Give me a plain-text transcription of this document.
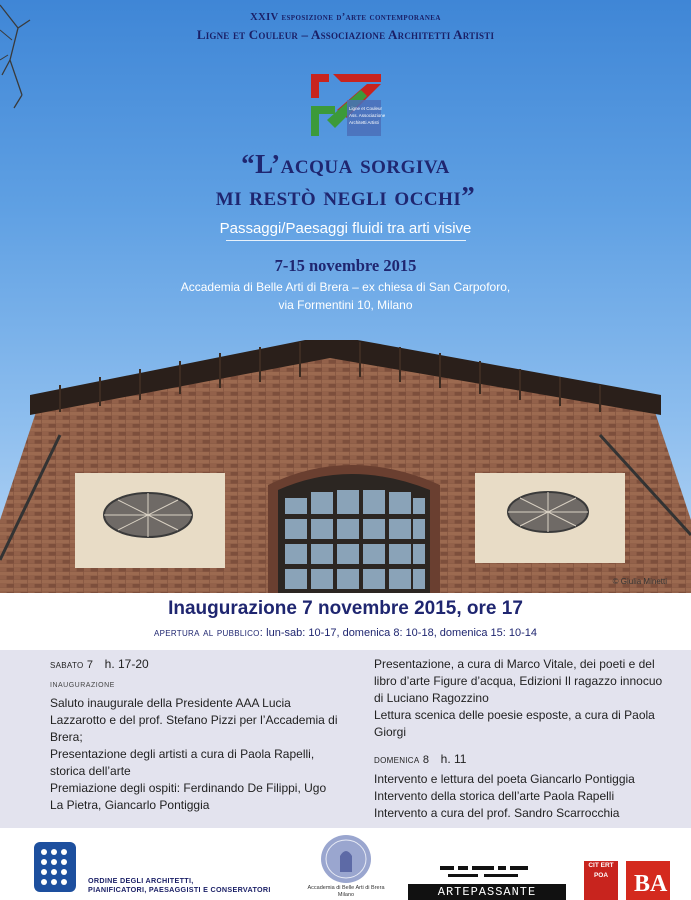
XXIV esposizione d’arte contemporanea
Ligne et Couleur – Associazione Architetti Artisti
Ligne et Couleur
Ass. Associazione
Architetti Artisti
“L’acqua sorgiva
mi restò negli occhi”
Passaggi/Paesaggi fluidi tra arti visive
7-15 novembre 2015
Accademia di Belle Arti di Brera – ex chiesa di San Carpoforo,
via Formentini 10, Milano
© Giulia Minetti
Inaugurazione 7 novembre 2015, ore 17
apertura al pubblico: lun-sab: 10-17, domenica 8: 10-18, domenica 15: 10-14
sabato 7 h. 17-20
inaugurazione

Saluto inaugurale della Presidente AAA Lucia Lazzarotto e del prof. Stefano Pizzi per l’Accademia di Brera;

Presentazione degli artisti a cura di Paola Rapelli, storica dell’arte

Premiazione degli ospiti: Ferdinando De Filippi, Ugo La Pietra, Giancarlo Pontiggia

Presentazione, a cura di Marco Vitale, dei poeti e del libro d’arte Figure d’acqua, Edizioni Il ragazzo innocuo di Luciano Ragozzino

Lettura scenica delle poesie esposte, a cura di Paola Giorgi

domenica 8 h. 11

Intervento e lettura del poeta Giancarlo Pontiggia

Intervento della storica dell’arte Paola Rapelli

Intervento a cura del prof. Sandro Scarrocchia

ORDINE DEGLI ARCHITETTI,
PIANIFICATORI, PAESAGGISTI E CONSERVATORI	Accademia di Belle Arti di Brera
Milano	ARTEPASSANTE
CIT ERT POA	BA
